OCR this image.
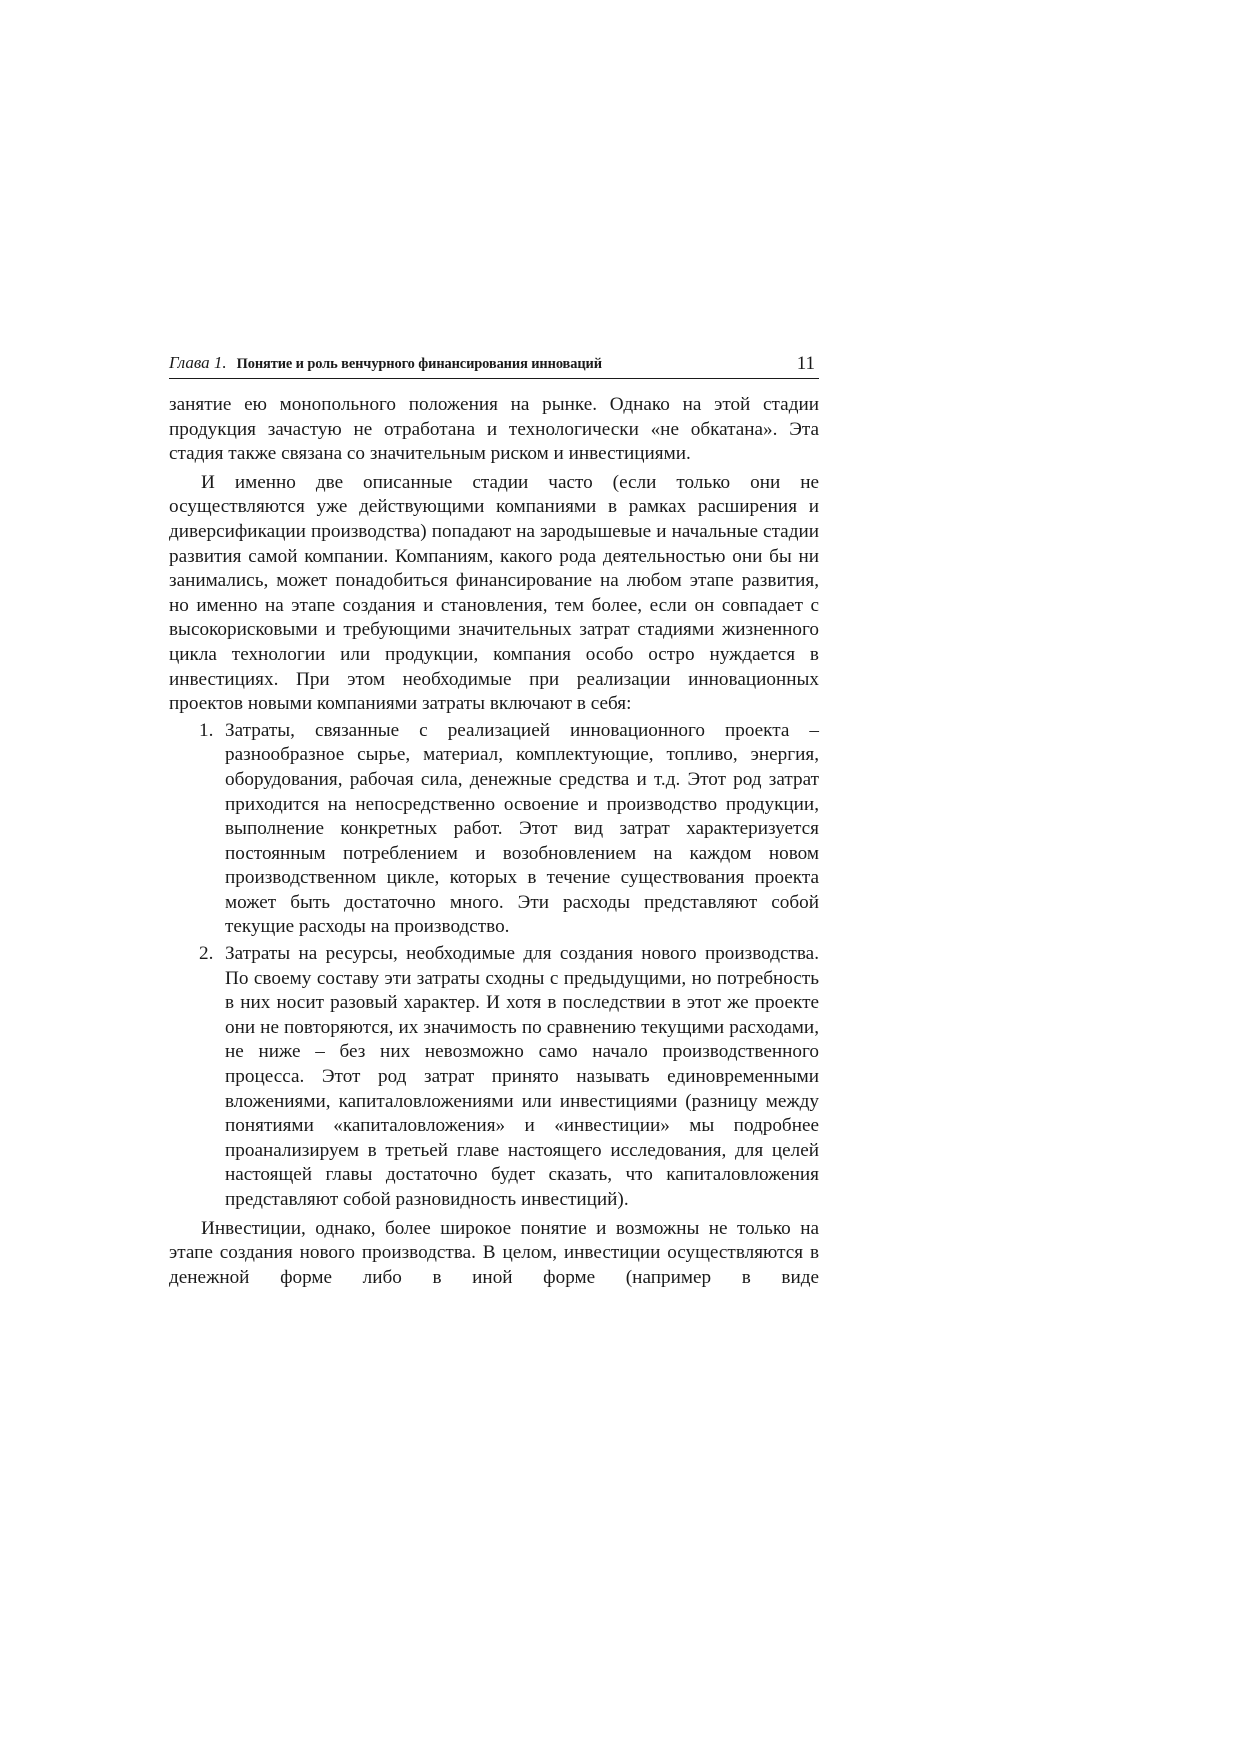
Глава 1. Понятие и роль венчурного финансирования инноваций	11

занятие ею монопольного положения на рынке. Однако на этой стадии продукция зачастую не отработана и технологически «не обкатана». Эта стадия также связана со значительным риском и инвестициями.

И именно две описанные стадии часто (если только они не осуществляются уже действующими компаниями в рамках расширения и диверсификации производства) попадают на зародышевые и начальные стадии развития самой компании. Компаниям, какого рода деятельностью они бы ни занимались, может понадобиться финансирование на любом этапе развития, но именно на этапе создания и становления, тем более, если он совпадает с высокорисковыми и требующими значительных затрат стадиями жизненного цикла технологии или продукции, компания особо остро нуждается в инвестициях. При этом необходимые при реализации инновационных проектов новыми компаниями затраты включают в себя:

1. Затраты, связанные с реализацией инновационного проекта – разнообразное сырье, материал, комплектующие, топливо, энергия, оборудования, рабочая сила, денежные средства и т.д. Этот род затрат приходится на непосредственно освоение и производство продукции, выполнение конкретных работ. Этот вид затрат характеризуется постоянным потреблением и возобновлением на каждом новом производственном цикле, которых в течение существования проекта может быть достаточно много. Эти расходы представляют собой текущие расходы на производство.
2. Затраты на ресурсы, необходимые для создания нового производства. По своему составу эти затраты сходны с предыдущими, но потребность в них носит разовый характер. И хотя в последствии в этот же проекте они не повторяются, их значимость по сравнению текущими расходами, не ниже – без них невозможно само начало производственного процесса. Этот род затрат принято называть единовременными вложениями, капиталовложениями или инвестициями (разницу между понятиями «капиталовложения» и «инвестиции» мы подробнее проанализируем в третьей главе настоящего исследования, для целей настоящей главы достаточно будет сказать, что капиталовложения представляют собой разновидность инвестиций).

Инвестиции, однако, более широкое понятие и возможны не только на этапе создания нового производства. В целом, инвестиции осуществляются в денежной форме либо в иной форме (например в виде
